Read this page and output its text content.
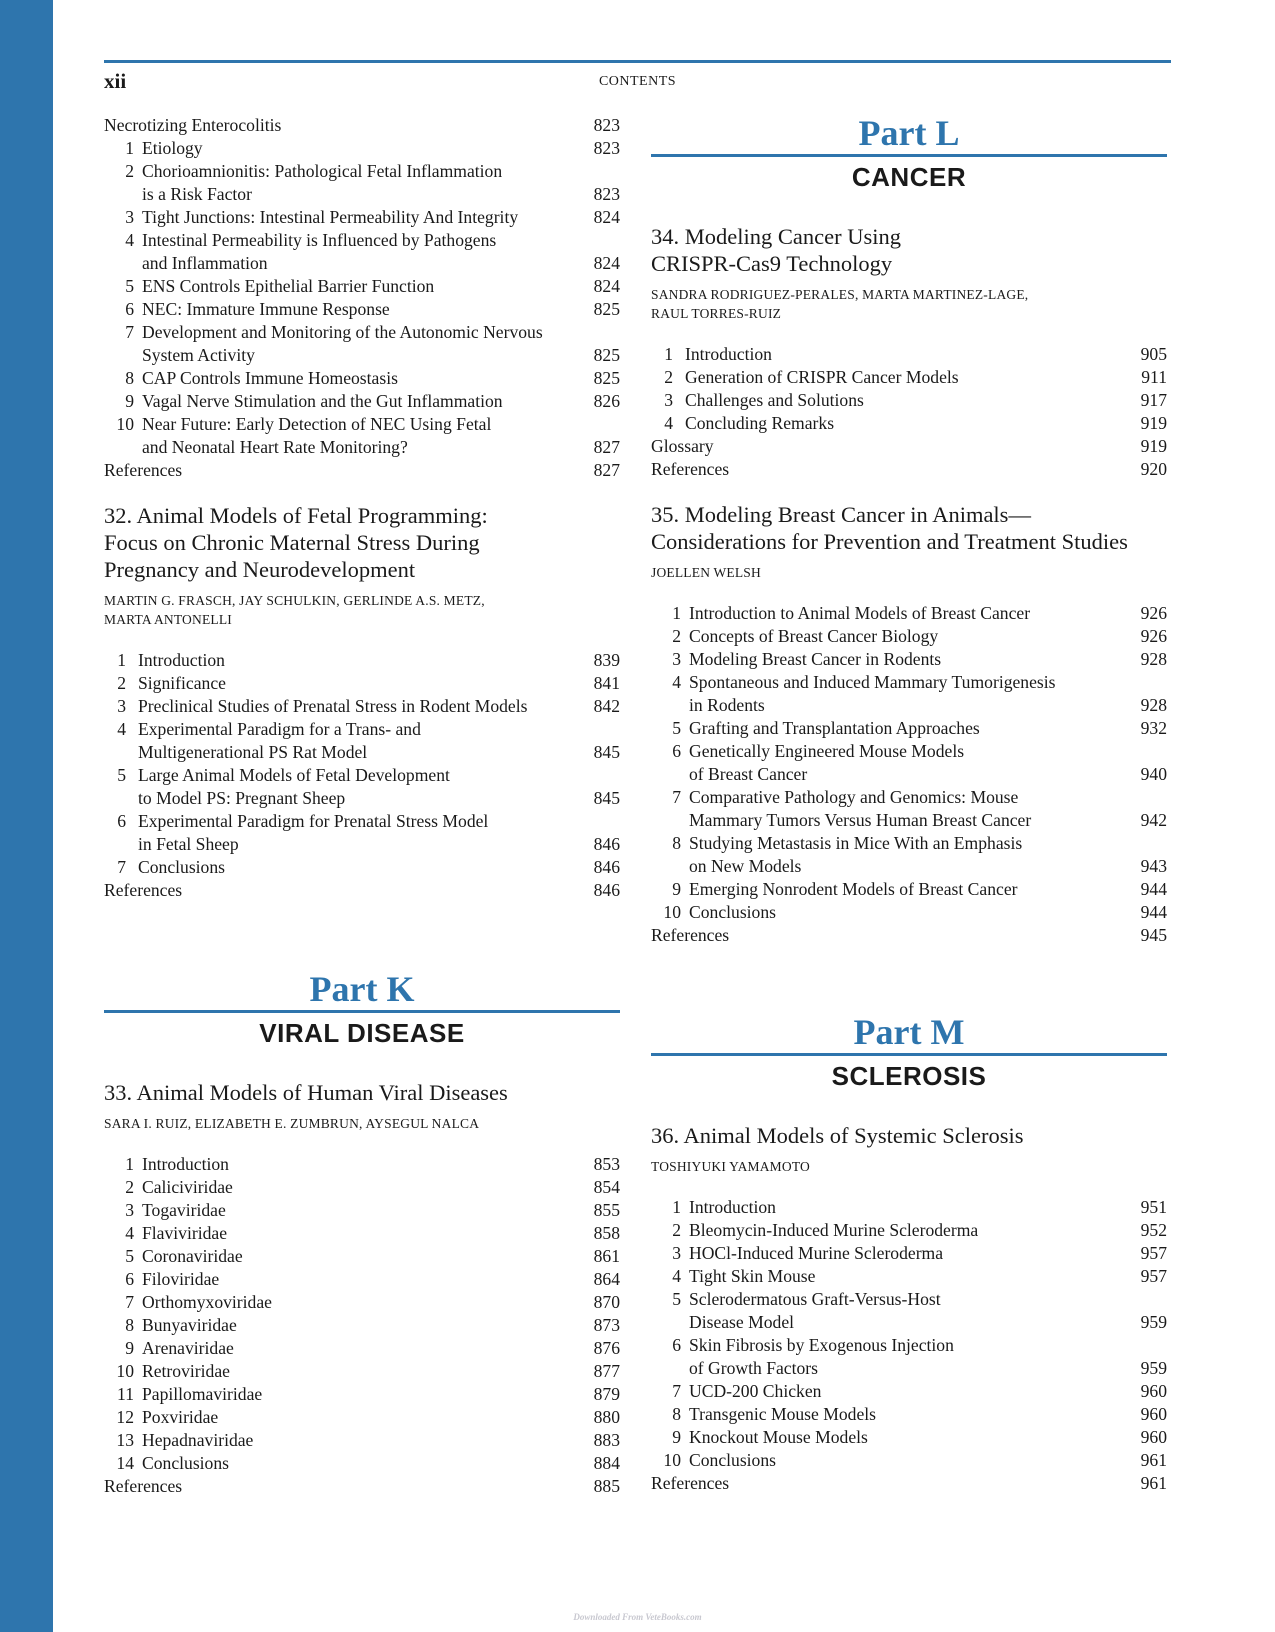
xii	CONTENTS
Necrotizing Enterocolitis	823
1 Etiology	823
2 Chorioamnionitis: Pathological Fetal Inflammation
is a Risk Factor	823
3 Tight Junctions: Intestinal Permeability And Integrity	824
4 Intestinal Permeability is Influenced by Pathogens
and Inflammation	824
5 ENS Controls Epithelial Barrier Function	824
6 NEC: Immature Immune Response	825
7 Development and Monitoring of the Autonomic Nervous
System Activity	825
8 CAP Controls Immune Homeostasis	825
9 Vagal Nerve Stimulation and the Gut Inflammation	826
10 Near Future: Early Detection of NEC Using Fetal
and Neonatal Heart Rate Monitoring?	827
References	827
32. Animal Models of Fetal Programming:
Focus on Chronic Maternal Stress During
Pregnancy and Neurodevelopment
MARTIN G. FRASCH, JAY SCHULKIN, GERLINDE A.S. METZ,
MARTA ANTONELLI
1 Introduction	839
2 Significance	841
3 Preclinical Studies of Prenatal Stress in Rodent Models	842
4 Experimental Paradigm for a Trans- and
Multigenerational PS Rat Model	845
5 Large Animal Models of Fetal Development
to Model PS: Pregnant Sheep	845
6 Experimental Paradigm for Prenatal Stress Model
in Fetal Sheep	846
7 Conclusions	846
References	846
Part K
VIRAL DISEASE
33. Animal Models of Human Viral Diseases
SARA I. RUIZ, ELIZABETH E. ZUMBRUN, AYSEGUL NALCA
1 Introduction	853
2 Caliciviridae	854
3 Togaviridae	855
4 Flaviviridae	858
5 Coronaviridae	861
6 Filoviridae	864
7 Orthomyxoviridae	870
8 Bunyaviridae	873
9 Arenaviridae	876
10 Retroviridae	877
11 Papillomaviridae	879
12 Poxviridae	880
13 Hepadnaviridae	883
14 Conclusions	884
References	885
Part L
CANCER
34. Modeling Cancer Using
CRISPR-Cas9 Technology
SANDRA RODRIGUEZ-PERALES, MARTA MARTINEZ-LAGE,
RAUL TORRES-RUIZ
1 Introduction	905
2 Generation of CRISPR Cancer Models	911
3 Challenges and Solutions	917
4 Concluding Remarks	919
Glossary	919
References	920
35. Modeling Breast Cancer in Animals—
Considerations for Prevention and Treatment Studies
JOELLEN WELSH
1 Introduction to Animal Models of Breast Cancer	926
2 Concepts of Breast Cancer Biology	926
3 Modeling Breast Cancer in Rodents	928
4 Spontaneous and Induced Mammary Tumorigenesis
in Rodents	928
5 Grafting and Transplantation Approaches	932
6 Genetically Engineered Mouse Models
of Breast Cancer	940
7 Comparative Pathology and Genomics: Mouse
Mammary Tumors Versus Human Breast Cancer	942
8 Studying Metastasis in Mice With an Emphasis
on New Models	943
9 Emerging Nonrodent Models of Breast Cancer	944
10 Conclusions	944
References	945
Part M
SCLEROSIS
36. Animal Models of Systemic Sclerosis
TOSHIYUKI YAMAMOTO
1 Introduction	951
2 Bleomycin-Induced Murine Scleroderma	952
3 HOCl-Induced Murine Scleroderma	957
4 Tight Skin Mouse	957
5 Sclerodermatous Graft-Versus-Host
Disease Model	959
6 Skin Fibrosis by Exogenous Injection
of Growth Factors	959
7 UCD-200 Chicken	960
8 Transgenic Mouse Models	960
9 Knockout Mouse Models	960
10 Conclusions	961
References	961
Downloaded From VeteBooks.com
